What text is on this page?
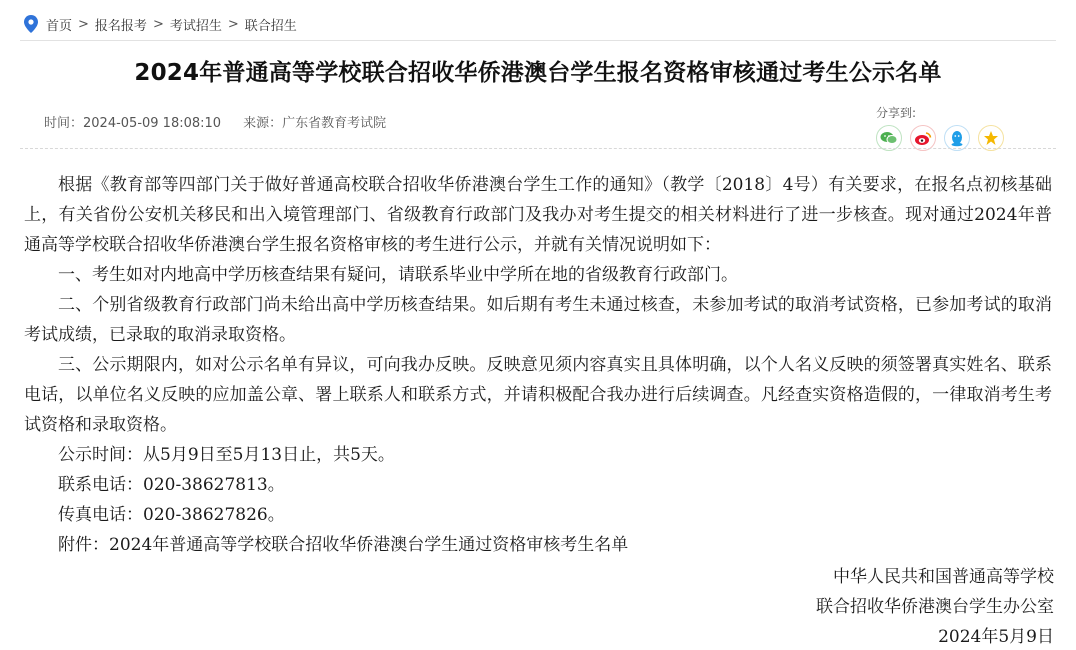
首页 > 报名报考 > 考试招生 > 联合招生
2024年普通高等学校联合招收华侨港澳台学生报名资格审核通过考生公示名单
时间：2024-05-09 18:08:10 来源：广东省教育考试院
分享到:

根据《教育部等四部门关于做好普通高校联合招收华侨港澳台学生工作的通知》（教学〔2018〕4号）有关要求，在报名点初核基础上，有关省份公安机关移民和出入境管理部门、省级教育行政部门及我办对考生提交的相关材料进行了进一步核查。现对通过2024年普通高等学校联合招收华侨港澳台学生报名资格审核的考生进行公示，并就有关情况说明如下：

一、考生如对内地高中学历核查结果有疑问，请联系毕业中学所在地的省级教育行政部门。

二、个别省级教育行政部门尚未给出高中学历核查结果。如后期有考生未通过核查，未参加考试的取消考试资格，已参加考试的取消考试成绩，已录取的取消录取资格。

三、公示期限内，如对公示名单有异议，可向我办反映。反映意见须内容真实且具体明确，以个人名义反映的须签署真实姓名、联系电话，以单位名义反映的应加盖公章、署上联系人和联系方式，并请积极配合我办进行后续调查。凡经查实资格造假的，一律取消考生考试资格和录取资格。

公示时间：从5月9日至5月13日止，共5天。

联系电话：020-38627813。

传真电话：020-38627826。

附件：2024年普通高等学校联合招收华侨港澳台学生通过资格审核考生名单

中华人民共和国普通高等学校
联合招收华侨港澳台学生办公室
2024年5月9日
